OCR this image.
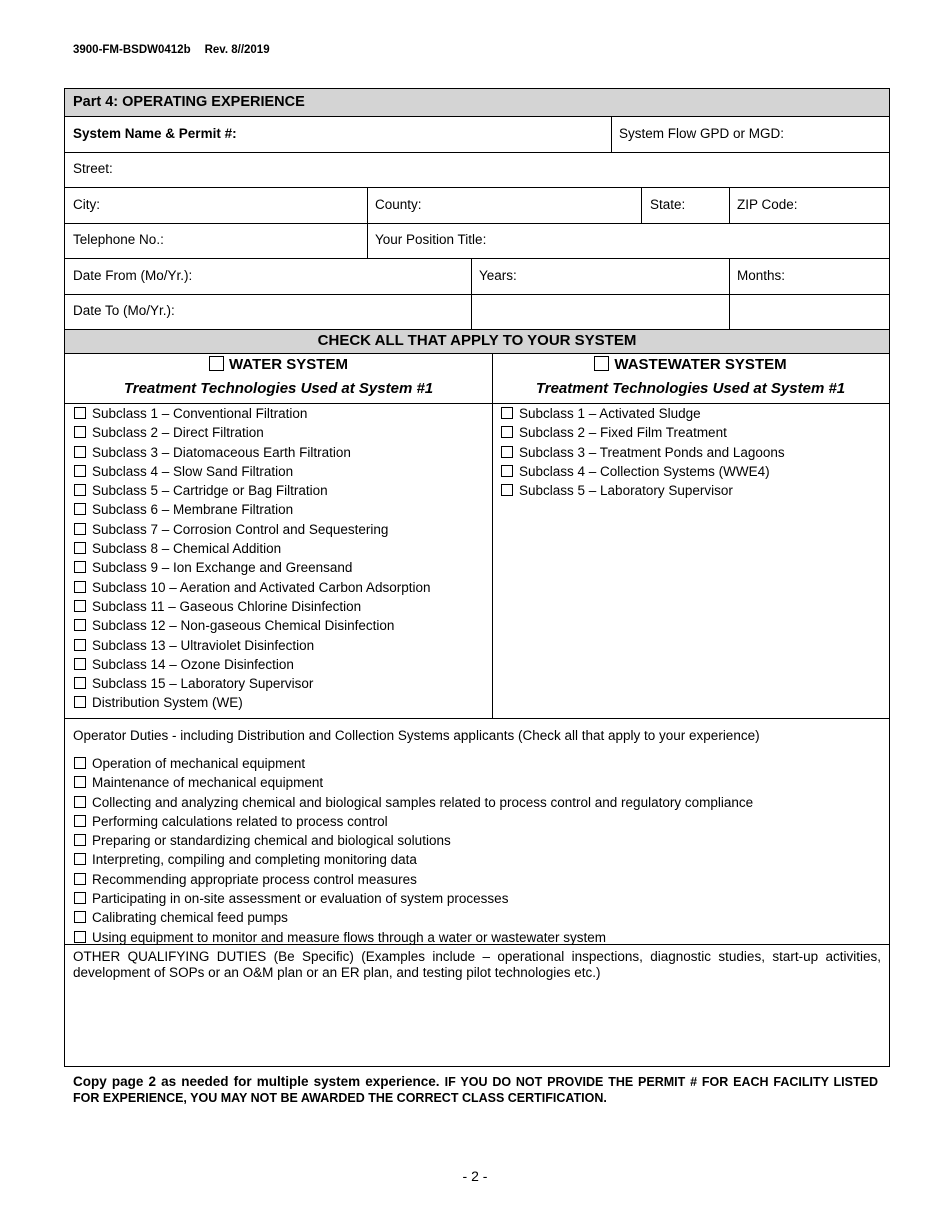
3900-FM-BSDW0412b Rev. 8//2019
Part 4: OPERATING EXPERIENCE
System Name & Permit #:	System Flow GPD or MGD:
Street:
City:	County:	State:	ZIP Code:
Telephone No.:	Your Position Title:
Date From (Mo/Yr.):	Years:	Months:
Date To (Mo/Yr.):
CHECK ALL THAT APPLY TO YOUR SYSTEM
WATER SYSTEM
Treatment Technologies Used at System #1
Subclass 1 – Conventional Filtration
Subclass 2 – Direct Filtration
Subclass 3 – Diatomaceous Earth Filtration
Subclass 4 – Slow Sand Filtration
Subclass 5 – Cartridge or Bag Filtration
Subclass 6 – Membrane Filtration
Subclass 7 – Corrosion Control and Sequestering
Subclass 8 – Chemical Addition
Subclass 9 – Ion Exchange and Greensand
Subclass 10 – Aeration and Activated Carbon Adsorption
Subclass 11 – Gaseous Chlorine Disinfection
Subclass 12 – Non-gaseous Chemical Disinfection
Subclass 13 – Ultraviolet Disinfection
Subclass 14 – Ozone Disinfection
Subclass 15 – Laboratory Supervisor
Distribution System (WE)
WASTEWATER SYSTEM
Treatment Technologies Used at System #1
Subclass 1 – Activated Sludge
Subclass 2 – Fixed Film Treatment
Subclass 3 – Treatment Ponds and Lagoons
Subclass 4 – Collection Systems (WWE4)
Subclass 5 – Laboratory Supervisor
Operator Duties - including Distribution and Collection Systems applicants (Check all that apply to your experience)
Operation of mechanical equipment
Maintenance of mechanical equipment
Collecting and analyzing chemical and biological samples related to process control and regulatory compliance
Performing calculations related to process control
Preparing or standardizing chemical and biological solutions
Interpreting, compiling and completing monitoring data
Recommending appropriate process control measures
Participating in on-site assessment or evaluation of system processes
Calibrating chemical feed pumps
Using equipment to monitor and measure flows through a water or wastewater system
OTHER QUALIFYING DUTIES (Be Specific) (Examples include – operational inspections, diagnostic studies, start-up activities, development of SOPs or an O&M plan or an ER plan, and testing pilot technologies etc.)
Copy page 2 as needed for multiple system experience. IF YOU DO NOT PROVIDE THE PERMIT # FOR EACH FACILITY LISTED FOR EXPERIENCE, YOU MAY NOT BE AWARDED THE CORRECT CLASS CERTIFICATION.
- 2 -
